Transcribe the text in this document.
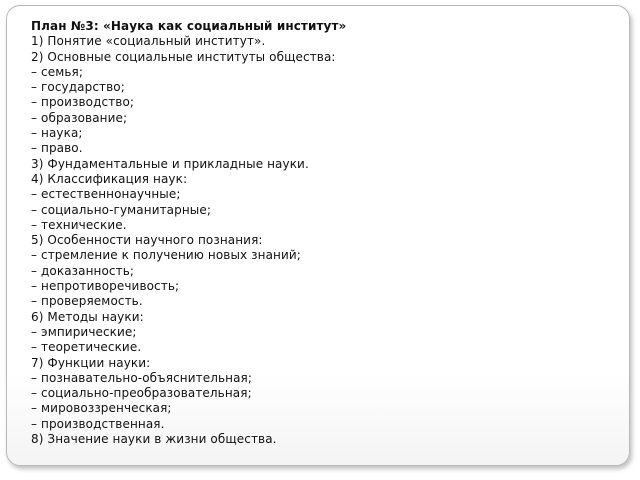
План №3: «Наука как социальный институт»
1) Понятие «социальный институт».
2) Основные социальные институты общества:
– семья;
– государство;
– производство;
– образование;
– наука;
– право.
3) Фундаментальные и прикладные науки.
4) Классификация наук:
– естественнонаучные;
– социально-гуманитарные;
– технические.
5) Особенности научного познания:
– стремление к получению новых знаний;
– доказанность;
– непротиворечивость;
– проверяемость.
6) Методы науки:
– эмпирические;
– теоретические.
7) Функции науки:
– познавательно-объяснительная;
– социально-преобразовательная;
– мировоззренческая;
– производственная.
8) Значение науки в жизни общества.
